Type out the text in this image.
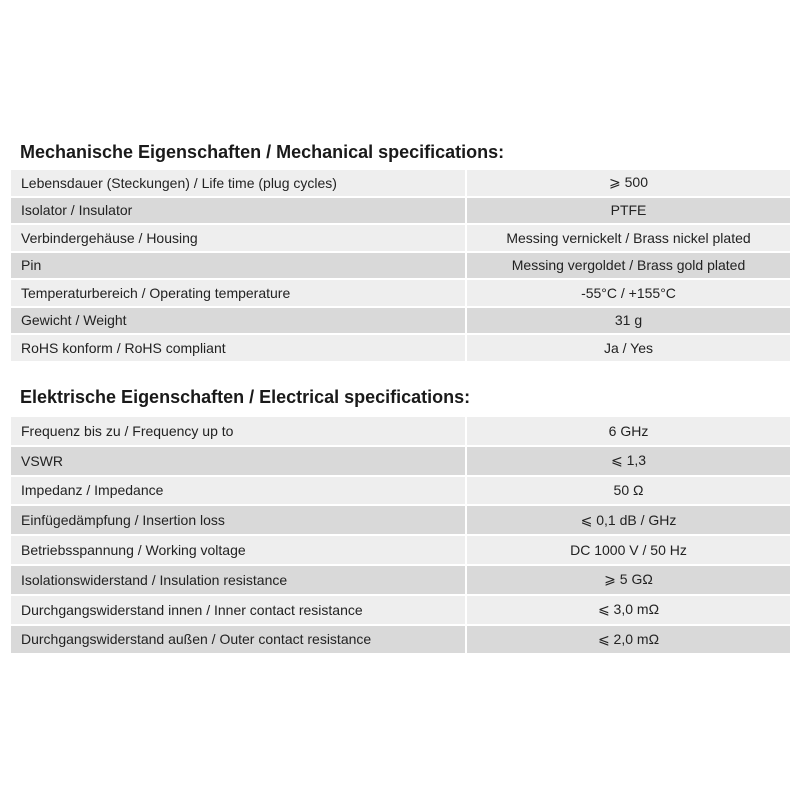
Mechanische Eigenschaften / Mechanical specifications:
Lebensdauer (Steckungen) / Life time (plug cycles)	⩾ 500
Isolator / Insulator	PTFE
Verbindergehäuse / Housing	Messing vernickelt / Brass nickel plated
Pin	Messing vergoldet / Brass gold plated
Temperaturbereich / Operating temperature	-55°C / +155°C
Gewicht / Weight	31 g
RoHS konform / RoHS compliant	Ja / Yes
Elektrische Eigenschaften / Electrical specifications:
Frequenz bis zu / Frequency up to	6 GHz
VSWR	⩽ 1,3
Impedanz / Impedance	50 Ω
Einfügedämpfung / Insertion loss	⩽ 0,1 dB / GHz
Betriebsspannung / Working voltage	DC 1000 V / 50 Hz
Isolationswiderstand / Insulation resistance	⩾ 5 GΩ
Durchgangswiderstand innen / Inner contact resistance	⩽ 3,0 mΩ
Durchgangswiderstand außen / Outer contact resistance	⩽ 2,0 mΩ
